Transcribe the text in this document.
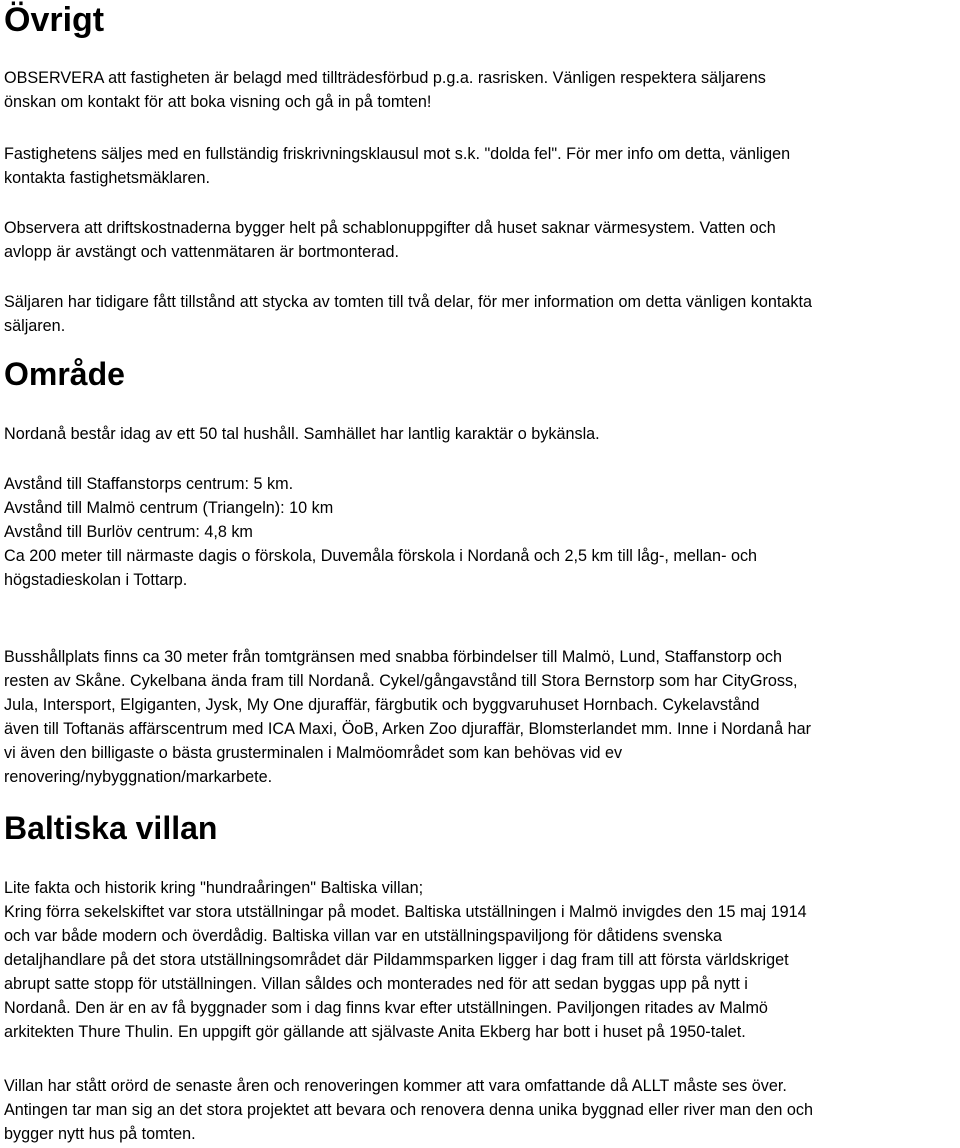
Övrigt

OBSERVERA att fastigheten är belagd med tillträdesförbud p.g.a. rasrisken. Vänligen respektera säljarens
önskan om kontakt för att boka visning och gå in på tomten!

Fastighetens säljes med en fullständig friskrivningsklausul mot s.k. "dolda fel". För mer info om detta, vänligen
kontakta fastighetsmäklaren.

Observera att driftskostnaderna bygger helt på schablonuppgifter då huset saknar värmesystem. Vatten och
avlopp är avstängt och vattenmätaren är bortmonterad.

Säljaren har tidigare fått tillstånd att stycka av tomten till två delar, för mer information om detta vänligen kontakta
säljaren.

Område

Nordanå består idag av ett 50 tal hushåll. Samhället har lantlig karaktär o bykänsla.

Avstånd till Staffanstorps centrum: 5 km.
Avstånd till Malmö centrum (Triangeln): 10 km
Avstånd till Burlöv centrum: 4,8 km
Ca 200 meter till närmaste dagis o förskola, Duvemåla förskola i Nordanå och 2,5 km till låg-, mellan- och
högstadieskolan i Tottarp.

Busshållplats finns ca 30 meter från tomtgränsen med snabba förbindelser till Malmö, Lund, Staffanstorp och
resten av Skåne. Cykelbana ända fram till Nordanå. Cykel/gångavstånd till Stora Bernstorp som har CityGross,
Jula, Intersport, Elgiganten, Jysk, My One djuraffär, färgbutik och byggvaruhuset Hornbach. Cykelavstånd
även till Toftanäs affärscentrum med ICA Maxi, ÖoB, Arken Zoo djuraffär, Blomsterlandet mm. Inne i Nordanå har
vi även den billigaste o bästa grusterminalen i Malmöområdet som kan behövas vid ev
renovering/nybyggnation/markarbete.

Baltiska villan

Lite fakta och historik kring "hundraåringen" Baltiska villan;
Kring förra sekelskiftet var stora utställningar på modet. Baltiska utställningen i Malmö invigdes den 15 maj 1914
och var både modern och överdådig. Baltiska villan var en utställningspaviljong för dåtidens svenska
detaljhandlare på det stora utställningsområdet där Pildammsparken ligger i dag fram till att första världskriget
abrupt satte stopp för utställningen. Villan såldes och monterades ned för att sedan byggas upp på nytt i
Nordanå. Den är en av få byggnader som i dag finns kvar efter utställningen. Paviljongen ritades av Malmö
arkitekten Thure Thulin. En uppgift gör gällande att självaste Anita Ekberg har bott i huset på 1950-talet.

Villan har stått orörd de senaste åren och renoveringen kommer att vara omfattande då ALLT måste ses över.
Antingen tar man sig an det stora projektet att bevara och renovera denna unika byggnad eller river man den och
bygger nytt hus på tomten.
